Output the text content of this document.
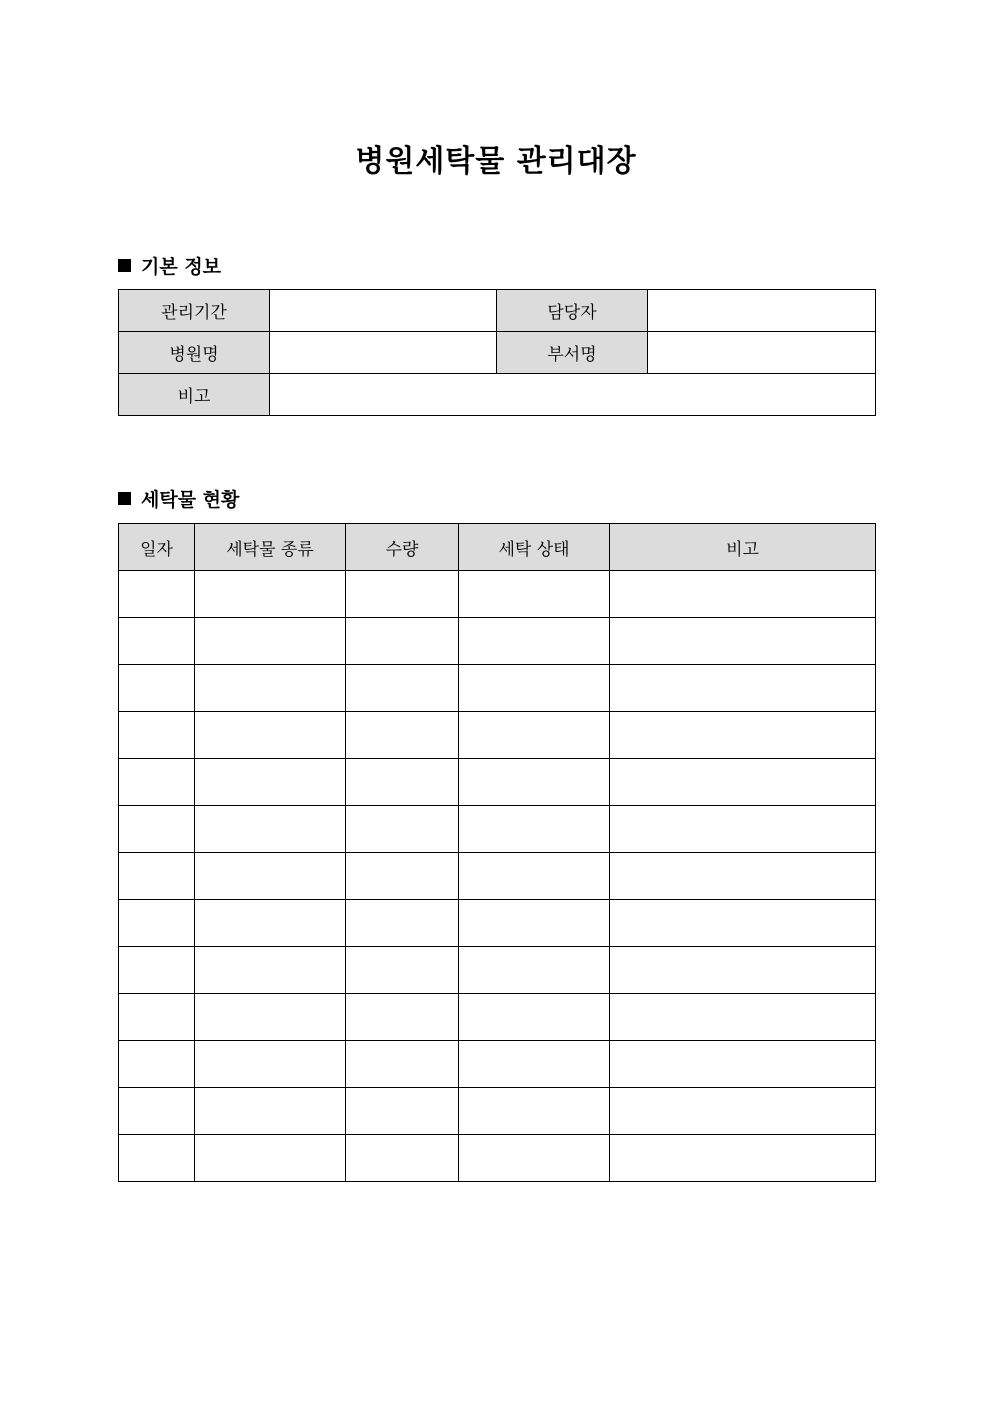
병원세탁물 관리대장
기본 정보
관리기간		담당자	
병원명		부서명	
비고			
세탁물 현황
일자	세탁물 종류	수량	세탁 상태	비고
